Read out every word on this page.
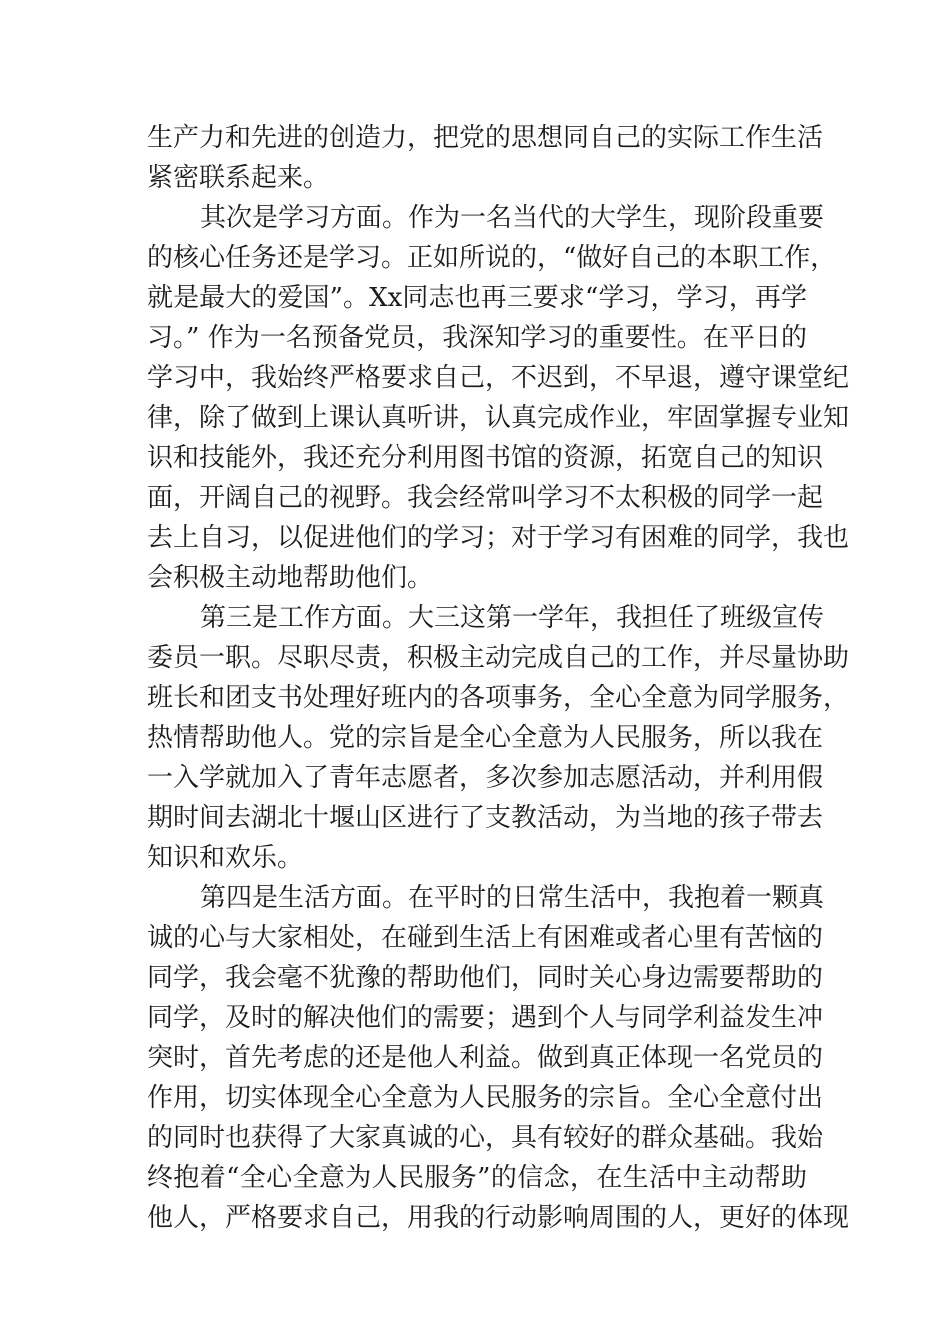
生产力和先进的创造力，把党的思想同自己的实际工作生活
紧密联系起来。
其次是学习方面。作为一名当代的大学生，现阶段重要
的核心任务还是学习。正如所说的，“做好自己的本职工作，
就是最大的爱国”。Xx同志也再三要求“学习，学习，再学
习。” 作为一名预备党员，我深知学习的重要性。在平日的
学习中，我始终严格要求自己，不迟到，不早退，遵守课堂纪
律，除了做到上课认真听讲，认真完成作业，牢固掌握专业知
识和技能外，我还充分利用图书馆的资源，拓宽自己的知识
面，开阔自己的视野。我会经常叫学习不太积极的同学一起
去上自习，以促进他们的学习；对于学习有困难的同学，我也
会积极主动地帮助他们。
第三是工作方面。大三这第一学年，我担任了班级宣传
委员一职。尽职尽责，积极主动完成自己的工作，并尽量协助
班长和团支书处理好班内的各项事务，全心全意为同学服务，
热情帮助他人。党的宗旨是全心全意为人民服务，所以我在
一入学就加入了青年志愿者，多次参加志愿活动，并利用假
期时间去湖北十堰山区进行了支教活动，为当地的孩子带去
知识和欢乐。
第四是生活方面。在平时的日常生活中，我抱着一颗真
诚的心与大家相处，在碰到生活上有困难或者心里有苦恼的
同学，我会毫不犹豫的帮助他们，同时关心身边需要帮助的
同学，及时的解决他们的需要；遇到个人与同学利益发生冲
突时，首先考虑的还是他人利益。做到真正体现一名党员的
作用，切实体现全心全意为人民服务的宗旨。全心全意付出
的同时也获得了大家真诚的心，具有较好的群众基础。我始
终抱着“全心全意为人民服务”的信念，在生活中主动帮助
他人，严格要求自己，用我的行动影响周围的人，更好的体现
